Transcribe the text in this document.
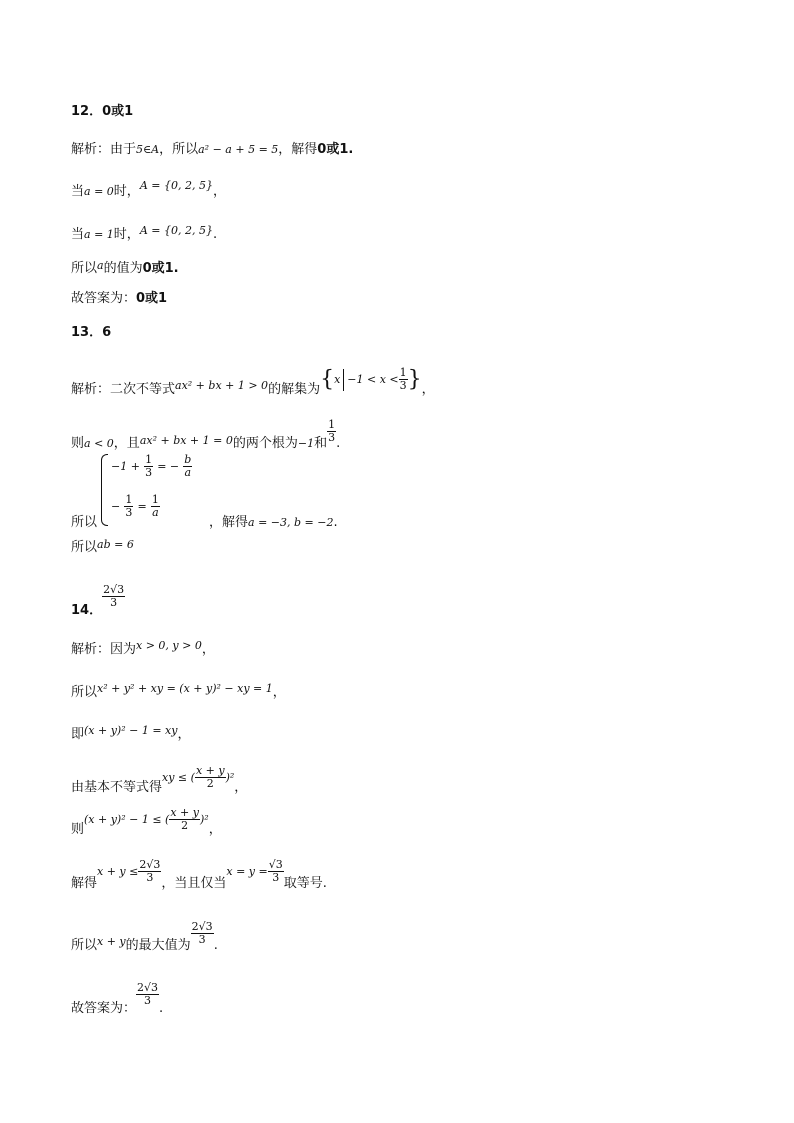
12．0或1
解析：由于5∈A，所以a² − a + 5 = 5，解得0或1.
当a = 0时，$^{A = \{0, 2, 5\}}$，
当a = 1时，$^{A = \{0, 2, 5\}}$.
所以$^a$的值为0或1.
故答案为：0或1
13．6
解析：二次不等式$^{ax^2 + bx + 1 > 0}$的解集为{$x -1 < x < \frac{1}{3}$ }，
则a < 0，且$^{ax^2 + bx + 1 = 0}$的两个根为−1和 $\frac{1}{3}$ .
$-1 + \frac{1}{3}$ = − $\frac{b}{a}$
− $\frac{1}{3} = \frac{1}{a}$
所以	，解得a = −3, b = −2.
所以$^{ab = 6}$
14．
$\frac{2√3}{3}$
解析：因为$^{x > 0, y > 0}$，
所以$^{x^2 + y^2 + xy = (x + y)^2 - xy = 1}$，
即$^{(x + y)^2 - 1 = xy}$，
由基本不等式得xy ≤ ( $\frac{x + y}{2} )^2$，
则(x + y)² − 1 ≤ ( $\frac{x + y}{2} )^2$，
解得$x + y \le \frac{2√3}{3}$ ，当且仅当$x = y = \frac{√3}{3}$ 取等号.
所以$^{x + y}$的最大值为 $\frac{2√3}{3}$ .
故答案为：
$\frac{2√3}{3}$
.
